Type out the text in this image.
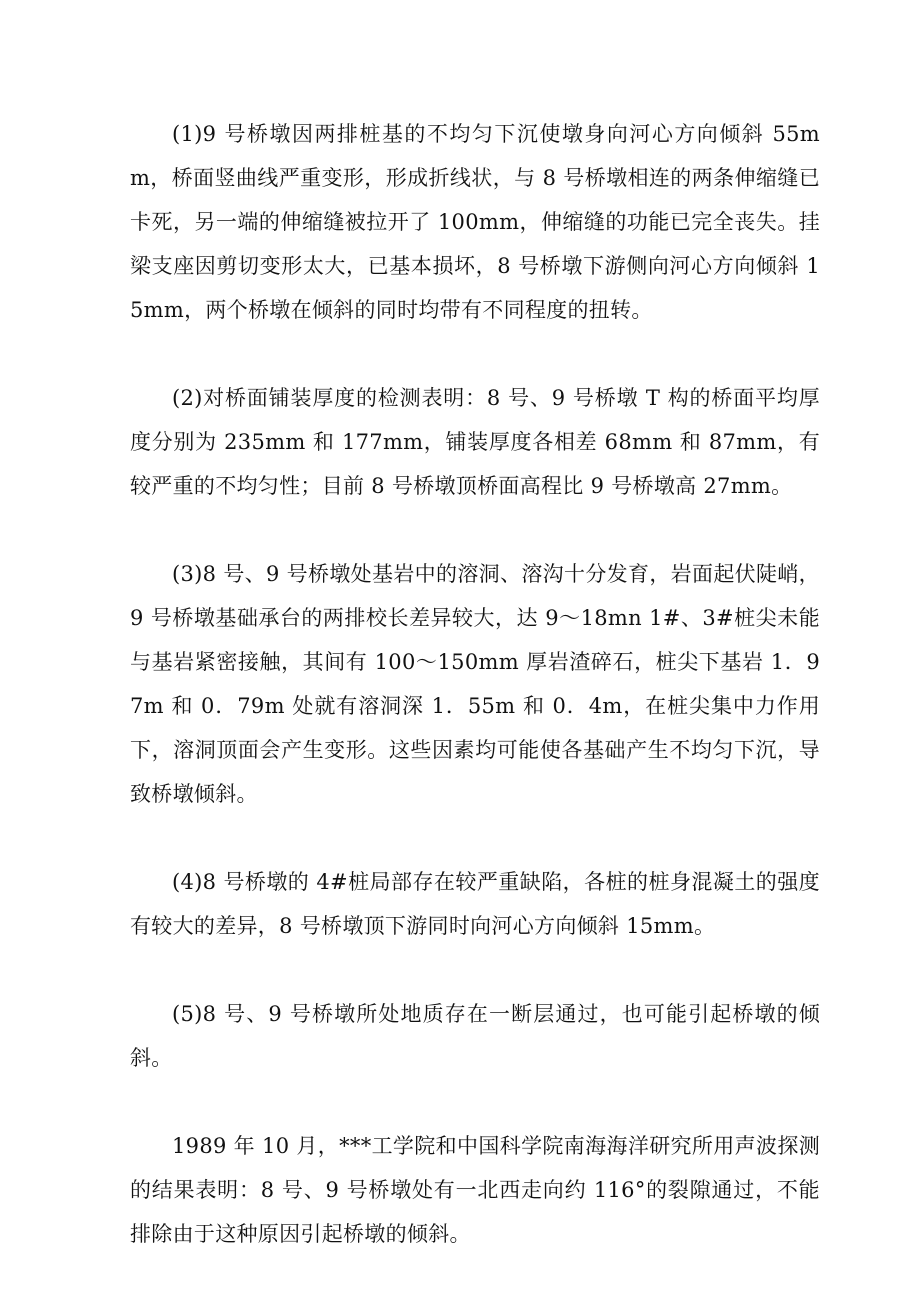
(1)9 号桥墩因两排桩基的不均匀下沉使墩身向河心方向倾斜 55mm，桥面竖曲线严重变形，形成折线状，与 8 号桥墩相连的两条伸缩缝已卡死，另一端的伸缩缝被拉开了 100mm，伸缩缝的功能已完全丧失。挂梁支座因剪切变形太大，已基本损坏，8 号桥墩下游侧向河心方向倾斜 15mm，两个桥墩在倾斜的同时均带有不同程度的扭转。

(2)对桥面铺装厚度的检测表明：8 号、9 号桥墩 T 构的桥面平均厚度分别为 235mm 和 177mm，铺装厚度各相差 68mm 和 87mm，有较严重的不均匀性；目前 8 号桥墩顶桥面高程比 9 号桥墩高 27mm。

(3)8 号、9 号桥墩处基岩中的溶洞、溶沟十分发育，岩面起伏陡峭，9 号桥墩基础承台的两排校长差异较大，达 9～18mn 1#、3#桩尖未能与基岩紧密接触，其间有 100～150mm 厚岩渣碎石，桩尖下基岩 1．97m 和 0．79m 处就有溶洞深 1．55m 和 0．4m，在桩尖集中力作用下，溶洞顶面会产生变形。这些因素均可能使各基础产生不均匀下沉，导致桥墩倾斜。

(4)8 号桥墩的 4#桩局部存在较严重缺陷，各桩的桩身混凝土的强度有较大的差异，8 号桥墩顶下游同时向河心方向倾斜 15mm。

(5)8 号、9 号桥墩所处地质存在一断层通过，也可能引起桥墩的倾斜。

1989 年 10 月，***工学院和中国科学院南海海洋研究所用声波探测的结果表明：8 号、9 号桥墩处有一北西走向约 116°的裂隙通过，不能排除由于这种原因引起桥墩的倾斜。
